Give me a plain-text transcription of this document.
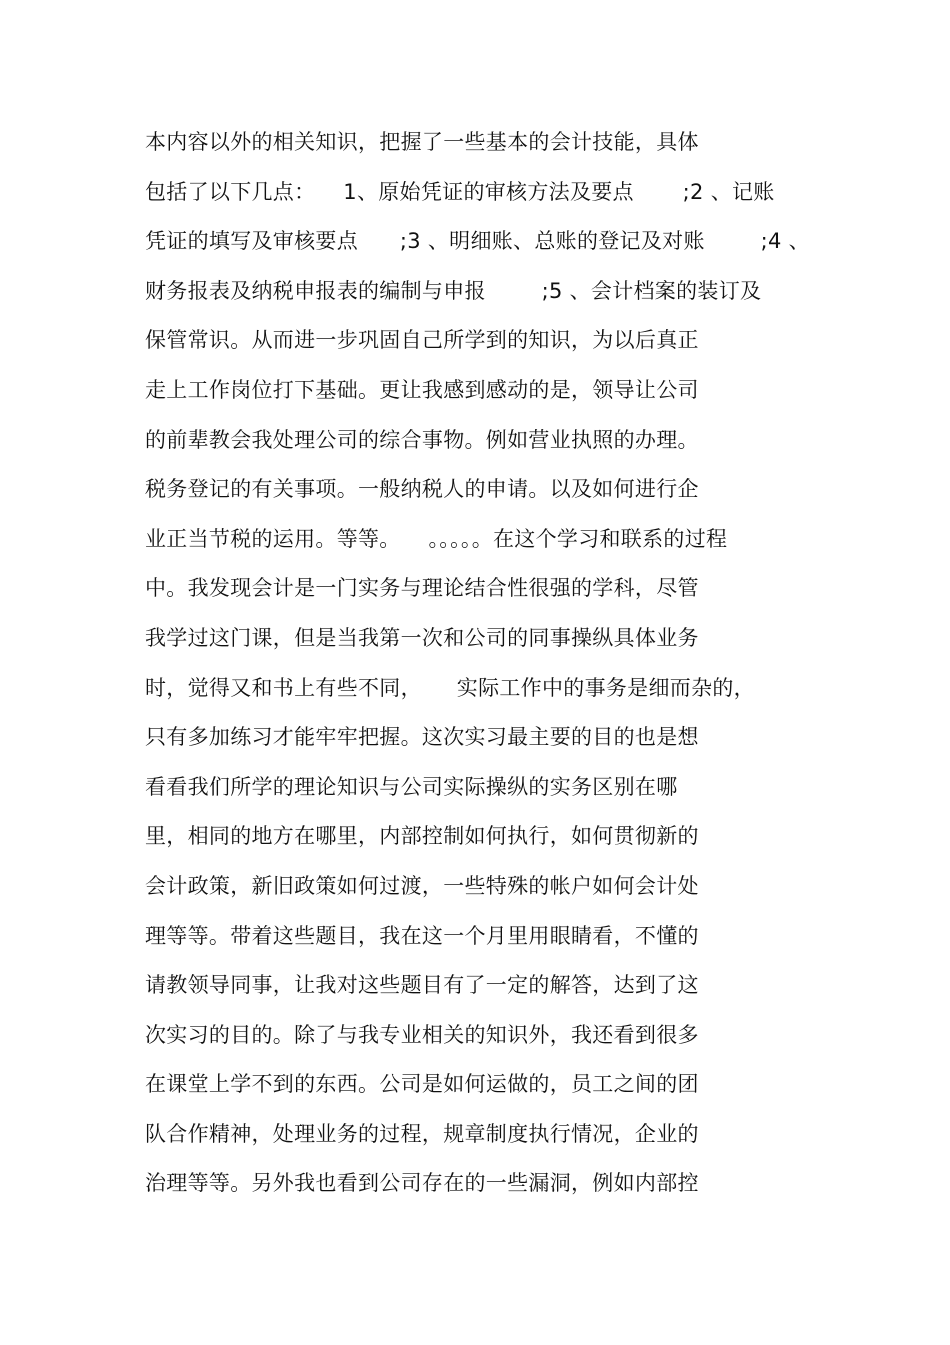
本内容以外的相关知识，把握了一些基本的会计技能，具体
包括了以下几点：    1、原始凭证的审核方法及要点       ;2 、记账
凭证的填写及审核要点      ;3 、明细账、总账的登记及对账        ;4 、
财务报表及纳税申报表的编制与申报        ;5 、会计档案的装订及
保管常识。从而进一步巩固自己所学到的知识，为以后真正
走上工作岗位打下基础。更让我感到感动的是，领导让公司
的前辈教会我处理公司的综合事物。例如营业执照的办理。
税务登记的有关事项。一般纳税人的申请。以及如何进行企
业正当节税的运用。等等。    。。。。。在这个学习和联系的过程
中。我发现会计是一门实务与理论结合性很强的学科，尽管
我学过这门课，但是当我第一次和公司的同事操纵具体业务
时，觉得又和书上有些不同，     实际工作中的事务是细而杂的，
只有多加练习才能牢牢把握。这次实习最主要的目的也是想
看看我们所学的理论知识与公司实际操纵的实务区别在哪
里，相同的地方在哪里，内部控制如何执行，如何贯彻新的
会计政策，新旧政策如何过渡，一些特殊的帐户如何会计处
理等等。带着这些题目，我在这一个月里用眼睛看，不懂的
请教领导同事，让我对这些题目有了一定的解答，达到了这
次实习的目的。除了与我专业相关的知识外，我还看到很多
在课堂上学不到的东西。公司是如何运做的，员工之间的团
队合作精神，处理业务的过程，规章制度执行情况，企业的
治理等等。另外我也看到公司存在的一些漏洞，例如内部控
